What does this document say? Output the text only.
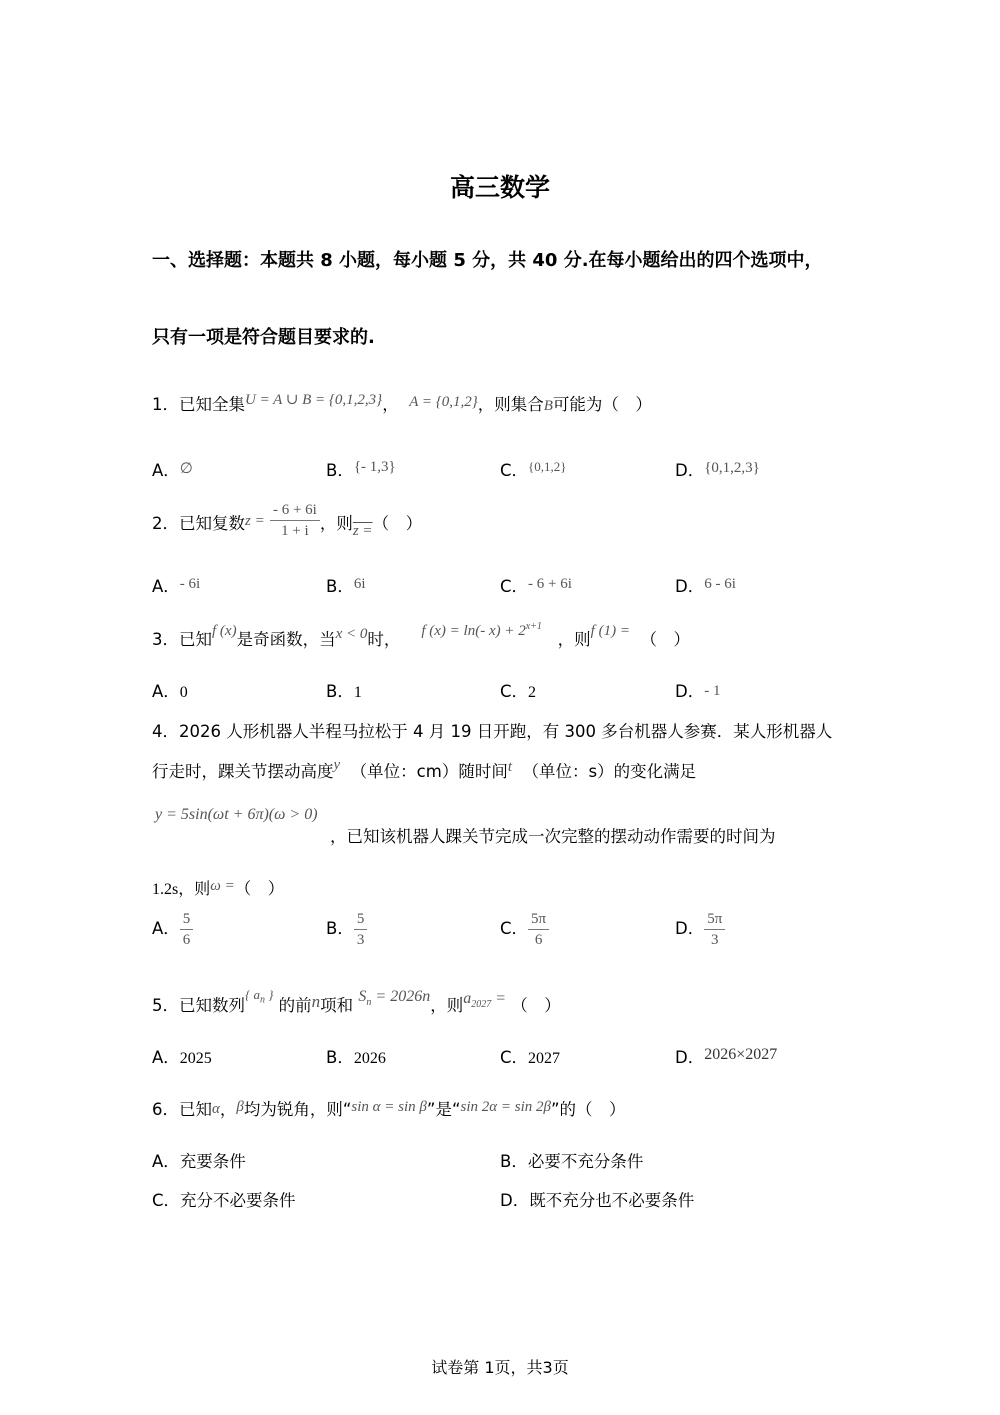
高三数学
一、选择题：本题共 8 小题，每小题 5 分，共 40 分.在每小题给出的四个选项中，
只有一项是符合题目要求的.
1．已知全集U = A ∪ B = {0,1,2,3}， A = {0,1,2}，则集合B可能为（　）
A．∅	B．{- 1,3}	C．$^{\{0,1,2\}}$	D．{0,1,2,3}
2．已知复数$z = \frac{- 6 + 6i}{1 + i}$ ，则z =（　）
A．- 6i	B．6i	C．- 6 + 6i	D．6 - 6i
3．已知f (x)是奇函数，当x < 0时， f (x) = ln(- $x) + 2^{x+1}$   ，则f (1) = （　）
A．0	B．1	C．2	D．- 1
4．2026 人形机器人半程马拉松于 4 月 19 日开跑，有 300 多台机器人参赛．某人形机器人
行走时，踝关节摆动高度y （单位：cm）随时间t （单位：s）的变化满足
y = 5sin(ωt + 6π)(ω > 0)
，已知该机器人踝关节完成一次完整的摆动动作需要的时间为
1.2s，则ω =（　）
A． $\frac{5}{6}$	B． $\frac{5}{3}$	C． $\frac{5\pi}{6}$	D． $\frac{5\pi}{3}$
5．已知数列$^{\{ a_n \}}$ 的前n项和 $S_n = 2026n$，则$a_{2027}$ = （　）
A．2025	B．2026	C．2027	D．2026×2027
6．已知α，β均为锐角，则“sin α = sin β”是“sin 2α = sin 2β”的（　）
A．充要条件	B．必要不充分条件
C．充分不必要条件	D．既不充分也不必要条件
试卷第 1页，共3页
